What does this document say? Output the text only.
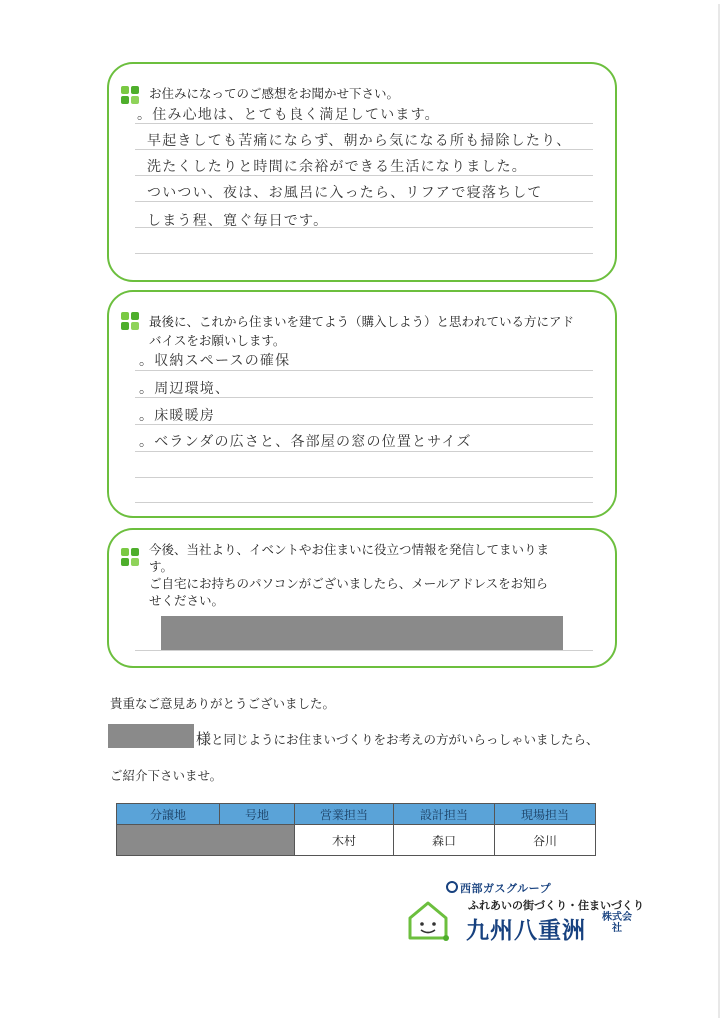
お住みになってのご感想をお聞かせ下さい。
。住み心地は、とても良く満足しています。
早起きしても苦痛にならず、朝から気になる所も掃除したり、
洗たくしたりと時間に余裕ができる生活になりました。
ついつい、夜は、お風呂に入ったら、リフアで寝落ちして
しまう程、寛ぐ毎日です。
最後に、これから住まいを建てよう（購入しよう）と思われている方にアド
バイスをお願いします。
。収納スペースの確保
。周辺環境、
。床暖暖房
。ベランダの広さと、各部屋の窓の位置とサイズ
今後、当社より、イベントやお住まいに役立つ情報を発信してまいりま
す。
ご自宅にお持ちのパソコンがございましたら、メールアドレスをお知ら
せください。
貴重なご意見ありがとうございました。
様と同じようにお住まいづくりをお考えの方がいらっしゃいましたら、
ご紹介下さいませ。
分譲地	号地	営業担当	設計担当	現場担当
		木村	森口	谷川
西部ガスグループ
ふれあいの街づくり・住まいづくり
九州八重洲
株式会社
